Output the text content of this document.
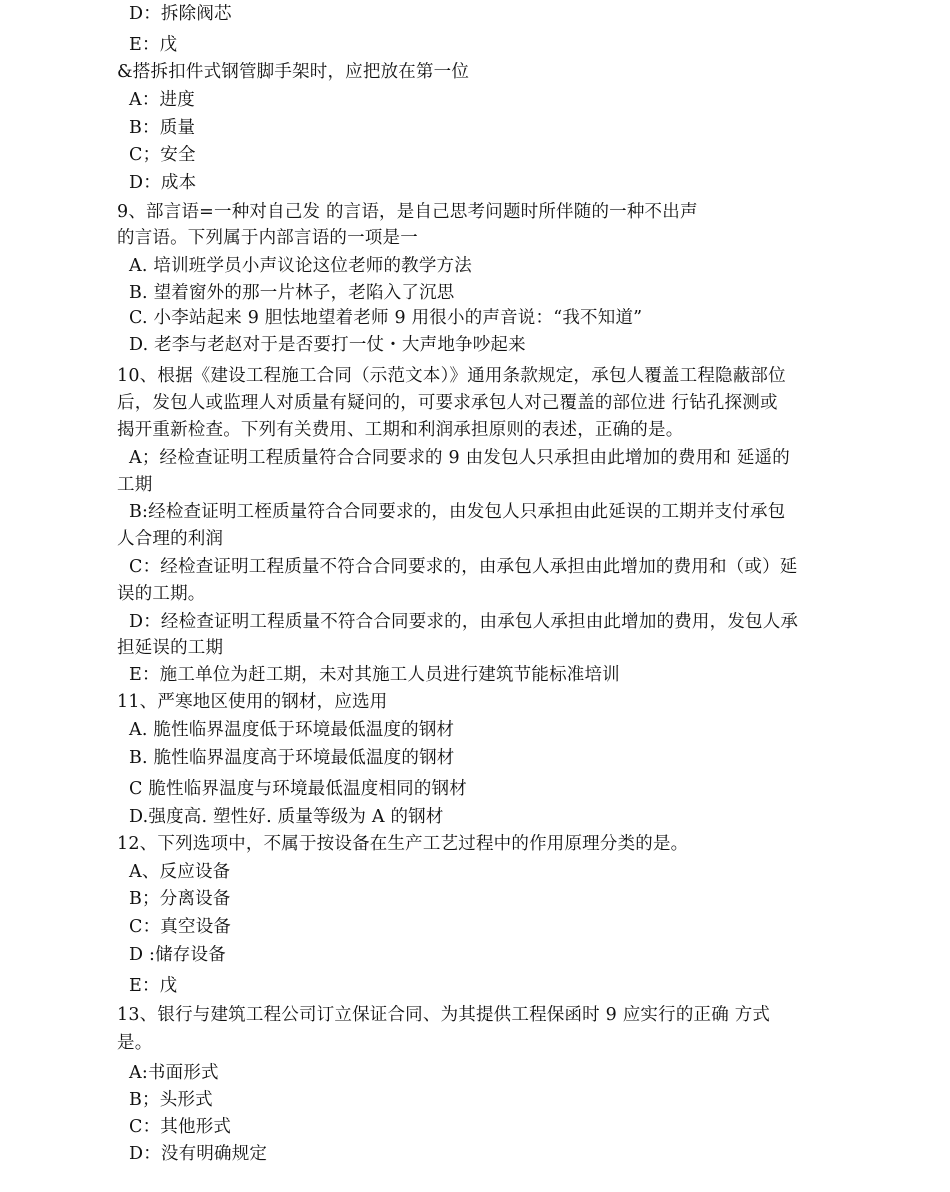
D：拆除阀芯
E：戊
&搭拆扣件式钢管脚手架时，应把放在第一位
A：进度
B：质量
C；安全
D：成本
9、部言语=一种对自己发 的言语，是自己思考问题时所伴随的一种不出声
的言语。下列属于内部言语的一项是一
A. 培训班学员小声议论这位老师的教学方法
B. 望着窗外的那一片林子，老陷入了沉思
C. 小李站起来 9 胆怯地望着老师 9 用很小的声音说：“我不知道”
D. 老李与老赵对于是否要打一仗・大声地争吵起来
10、根据《建设工程施工合同（示范文本）》通用条款规定，承包人覆盖工程隐蔽部位
后，发包人或监理人对质量有疑问的，可要求承包人对己覆盖的部位进 行钻孔探测或
揭开重新检查。下列有关费用、工期和利润承担原则的表述，正确的是。
A；经检查证明工程质量符合合同要求的 9 由发包人只承担由此增加的费用和 延遥的
工期
B:经检查证明工桎质量符合合同要求的，由发包人只承担由此延误的工期并支付承包
人合理的利润
C：经检查证明工程质量不符合合同要求的，由承包人承担由此增加的费用和（或）延
误的工期。
D：经检查证明工程质量不符合合同要求的，由承包人承担由此增加的费用，发包人承
担延误的工期
E：施工单位为赶工期，未对其施工人员进行建筑节能标准培训
11、严寒地区使用的钢材，应选用
A. 脆性临界温度低于环境最低温度的钢材
B. 脆性临界温度高于环境最低温度的钢材
C 脆性临界温度与环境最低温度相同的钢材
D.强度高. 塑性好. 质量等级为 A 的钢材
12、下列选项中，不属于按设备在生产工艺过程中的作用原理分类的是。
A、反应设备
B；分离设备
C：真空设备
D :储存设备
E：戊
13、银行与建筑工程公司订立保证合同、为其提供工程保函时 9 应实行的正确 方式
是。
A:书面形式
B；头形式
C：其他形式
D：没有明确规定
